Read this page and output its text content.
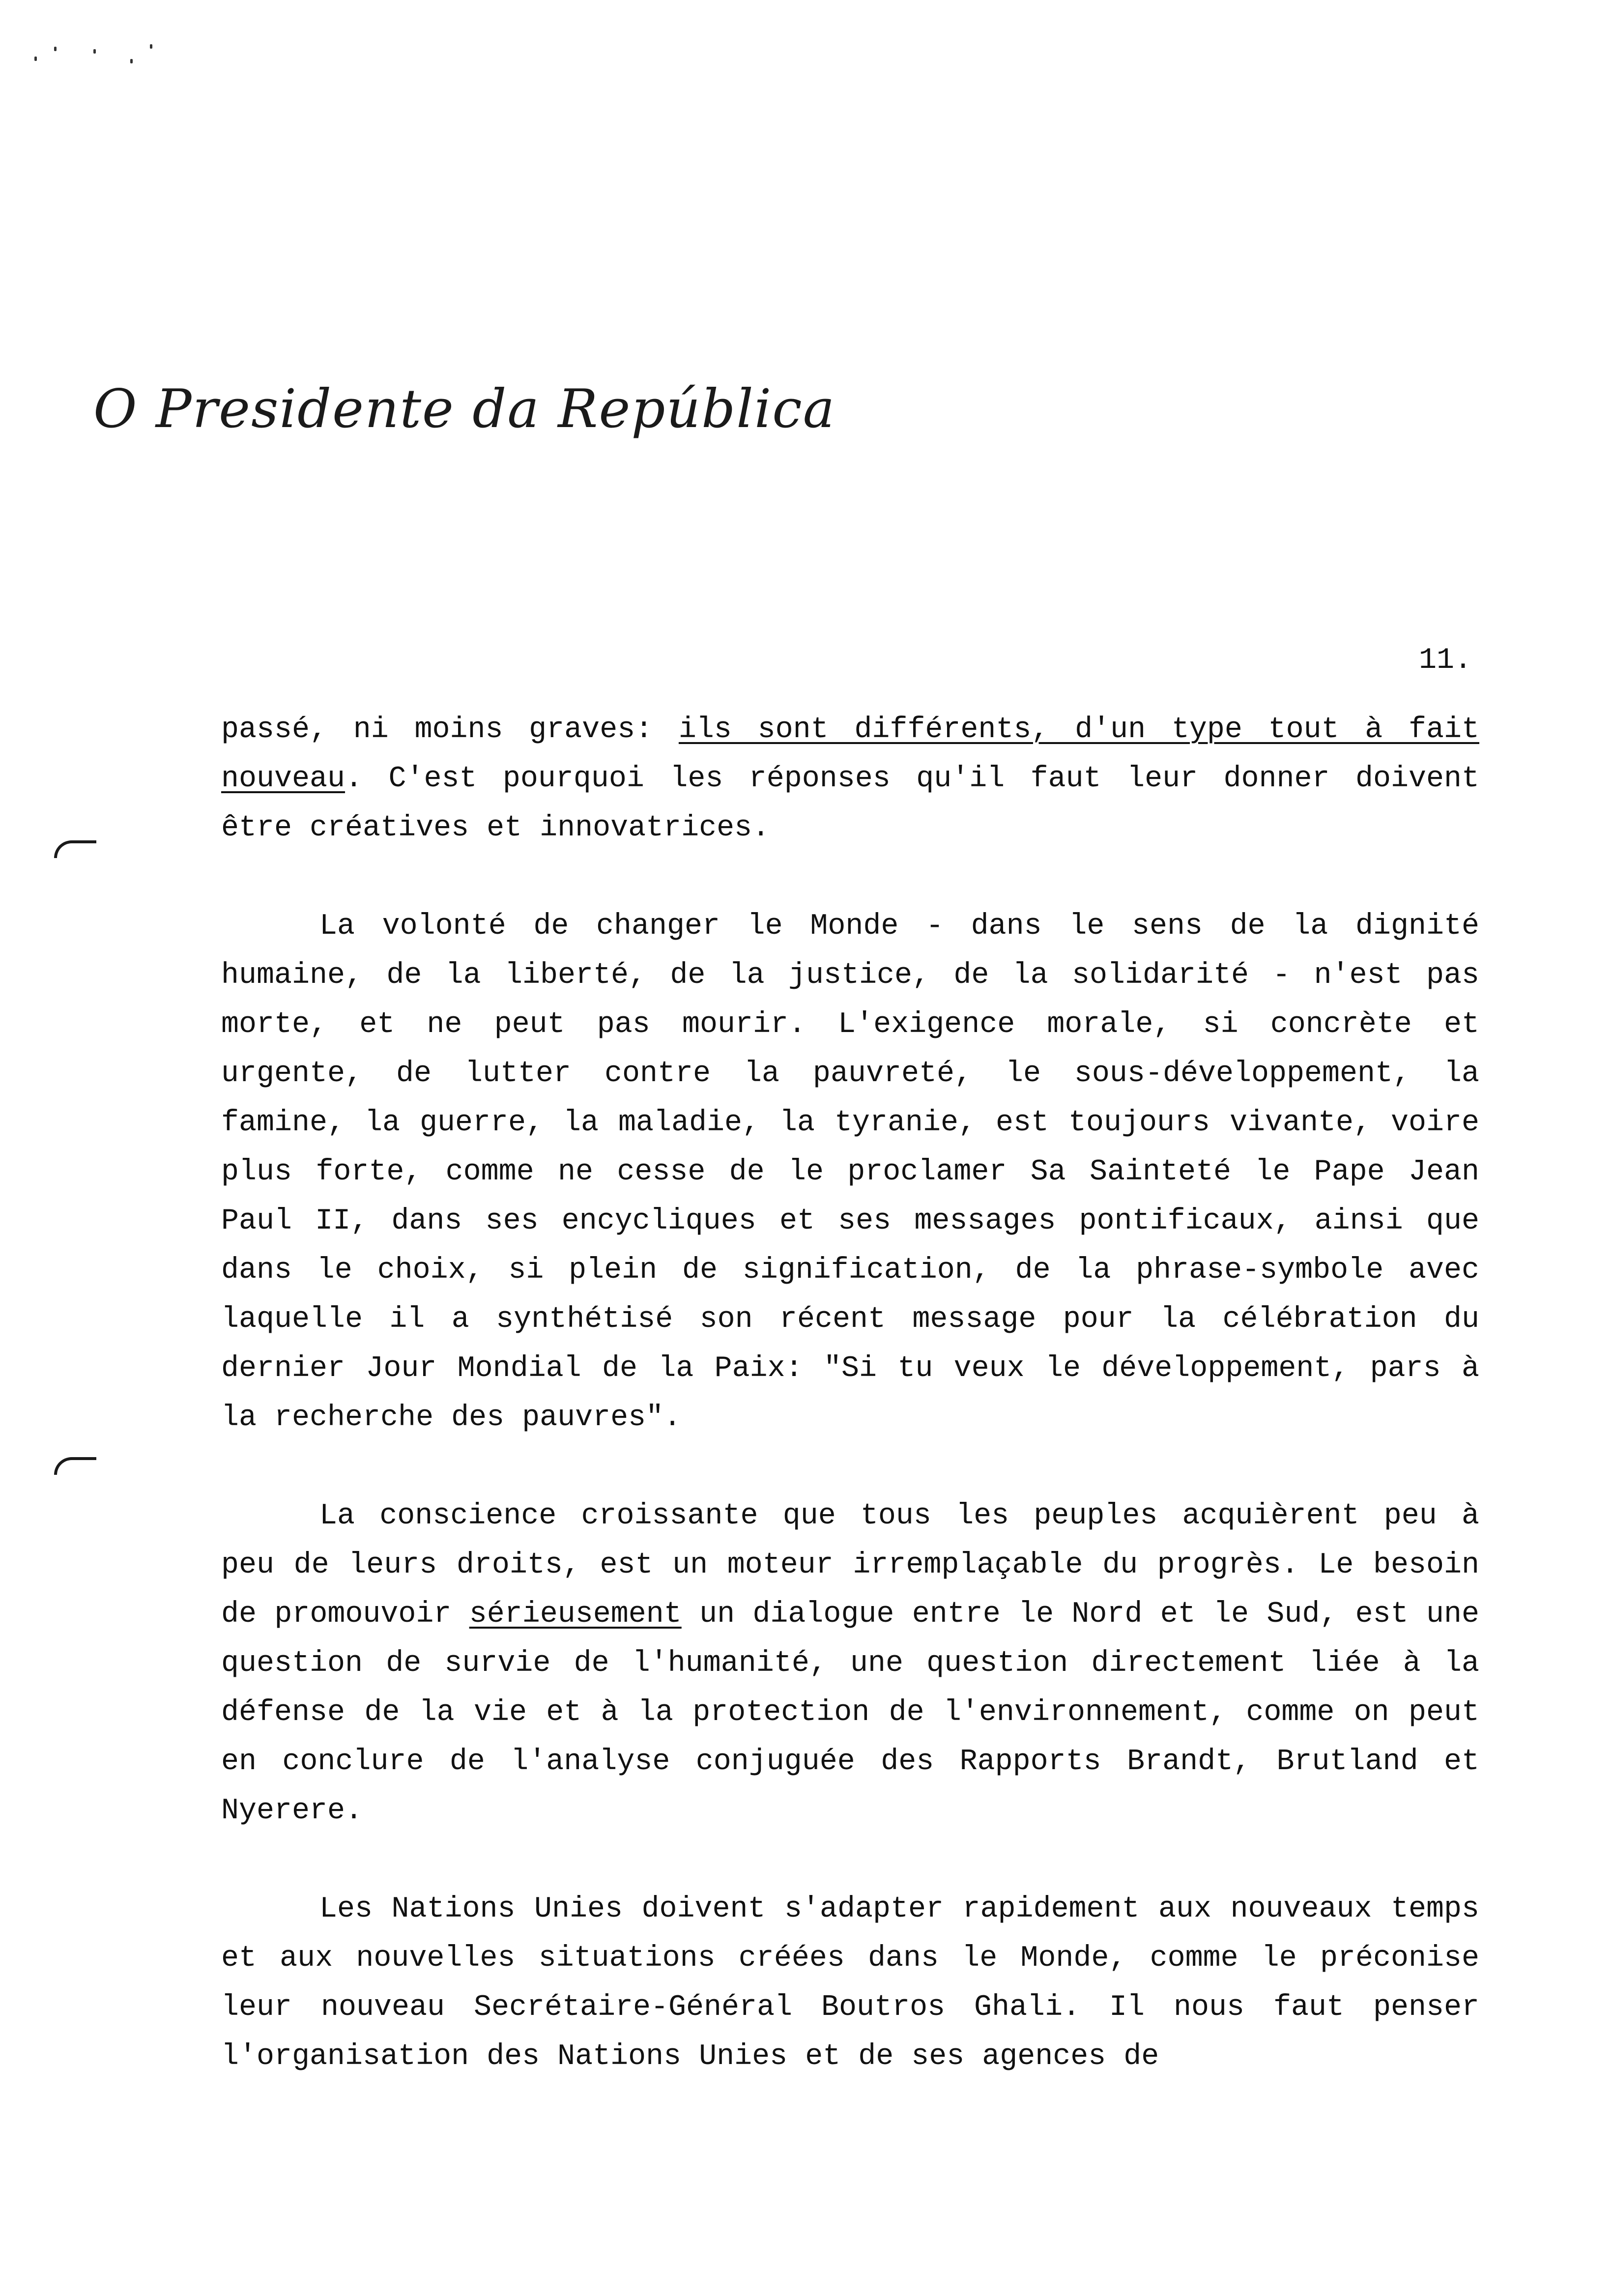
O Presidente da República
11.

passé, ni moins graves: ils sont différents, d'un type tout à fait nouveau. C'est pourquoi les réponses qu'il faut leur donner doivent être créatives et innovatrices.

La volonté de changer le Monde - dans le sens de la dignité humaine, de la liberté, de la justice, de la solidarité - n'est pas morte, et ne peut pas mourir. L'exigence morale, si concrète et urgente, de lutter contre la pauvreté, le sous-développement, la famine, la guerre, la maladie, la tyranie, est toujours vivante, voire plus forte, comme ne cesse de le proclamer Sa Sainteté le Pape Jean Paul II, dans ses encycliques et ses messages pontificaux, ainsi que dans le choix, si plein de signification, de la phrase-symbole avec laquelle il a synthétisé son récent message pour la célébration du dernier Jour Mondial de la Paix: "Si tu veux le développement, pars à la recherche des pauvres".

La conscience croissante que tous les peuples acquièrent peu à peu de leurs droits, est un moteur irremplaçable du progrès. Le besoin de promouvoir sérieusement un dialogue entre le Nord et le Sud, est une question de survie de l'humanité, une question directement liée à la défense de la vie et à la protection de l'environnement, comme on peut en conclure de l'analyse conjuguée des Rapports Brandt, Brutland et Nyerere.

Les Nations Unies doivent s'adapter rapidement aux nouveaux temps et aux nouvelles situations créées dans le Monde, comme le préconise leur nouveau Secrétaire-Général Boutros Ghali. Il nous faut penser l'organisation des Nations Unies et de ses agences de
